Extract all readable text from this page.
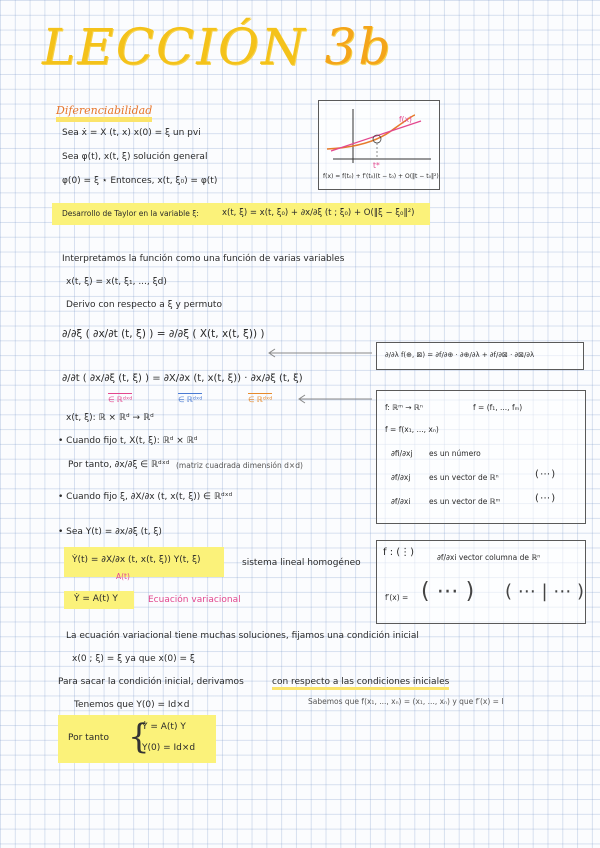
LECCIÓN 3b
Diferenciabilidad
Sea ẋ = X (t, x) x(0) = ξ un pvi
Sea φ(t), x(t, ξ) solución general
φ(0) = ξ ⋆ Entonces, x(t, ξ₀) = φ(t)
f(x)
t*
f(x) = f(t₀) + f′(t₀)(t − t₀) + O(‖t − t₀‖²)
Desarrollo de Taylor en la variable ξ:	x(t, ξ) = x(t, ξ₀) + ∂x/∂ξ (t ; ξ₀) + O(‖ξ − ξ₀‖²)
Interpretamos la función como una función de varias variables
x(t, ξ) = x(t, ξ₁, ..., ξd)
Derivo con respecto a ξ y permuto
∂/∂ξ ( ∂x/∂t (t, ξ) ) = ∂/∂ξ ( X(t, x(t, ξ)) )
∂/∂λ f(⊕, ⊠) = ∂f/∂⊕ · ∂⊕/∂λ + ∂f/∂⊠ · ∂⊠/∂λ
∂/∂t ( ∂x/∂ξ (t, ξ) ) = ∂X/∂x (t, x(t, ξ)) · ∂x/∂ξ (t, ξ)
∈ ℝᵈˣᵈ	∈ ℝᵈˣᵈ	∈ ℝᵈˣᵈ
f: ℝᵐ → ℝⁿ	f = (f₁, ..., fₘ)
f = f(x₁, ..., xₙ)
∂fi/∂xj es un número
∂f/∂xj es un vector de ℝⁿ
∂f/∂xi es un vector de ℝᵐ
( ⋯ )
( ⋯ )
x(t, ξ): ℝ × ℝᵈ → ℝᵈ
• Cuando fijo t, X(t, ξ): ℝᵈ × ℝᵈ
Por tanto, ∂x/∂ξ ∈ ℝᵈˣᵈ (matriz cuadrada dimensión d×d)
• Cuando fijo ξ, ∂X/∂x (t, x(t, ξ)) ∈ ℝᵈˣᵈ
• Sea Y(t) = ∂x/∂ξ (t, ξ)
f : (⋮)	∂f/∂xi vector columna de ℝⁿ
f′(x) = ( ⋯ ) ( ⋯ | ⋯ )
Ẏ(t) = ∂X/∂x (t, x(t, ξ)) Y(t, ξ)
A(t)
sistema lineal homogéneo
Ẏ = A(t) Y	Ecuación variacional
La ecuación variacional tiene muchas soluciones, fijamos una condición inicial
x(0 ; ξ) = ξ ya que x(0) = ξ
Para sacar la condición inicial, derivamos	con respecto a las condiciones iniciales
Tenemos que Y(0) = Id×d	Sabemos que f(x₁, ..., xₙ) = (x₁, ..., xₙ) y que f′(x) = I
Por tanto {
Ẏ = A(t) Y
Y(0) = Id×d
